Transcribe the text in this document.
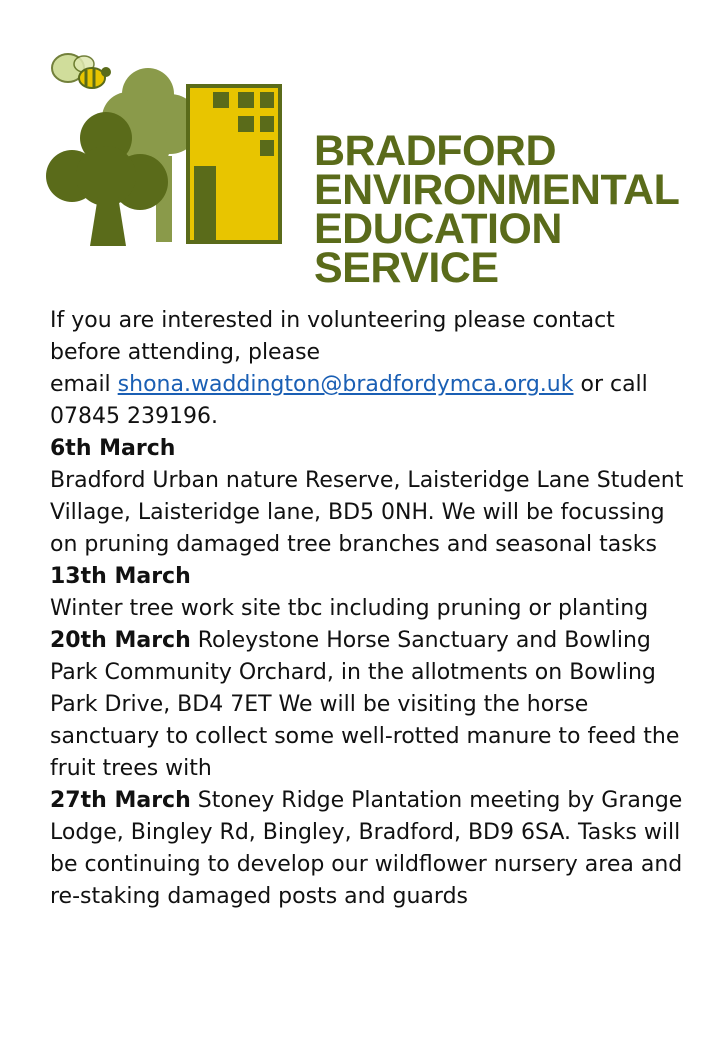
BRADFORD
ENVIRONMENTAL
EDUCATION
SERVICE

If you are interested in volunteering please contact

before attending, please

email shona.waddington@bradfordymca.org.uk or call

07845 239196.

6th March

Bradford Urban nature Reserve, Laisteridge Lane Student

Village, Laisteridge lane, BD5 0NH. We will be focussing

on pruning damaged tree branches and seasonal tasks

13th March

Winter tree work site tbc including pruning or planting

20th March Roleystone Horse Sanctuary and Bowling

Park Community Orchard, in the allotments on Bowling

Park Drive, BD4 7ET We will be visiting the horse

sanctuary to collect some well-rotted manure to feed the

fruit trees with

27th March Stoney Ridge Plantation meeting by Grange

Lodge, Bingley Rd, Bingley, Bradford, BD9 6SA. Tasks will

be continuing to develop our wildflower nursery area and

re-staking damaged posts and guards
